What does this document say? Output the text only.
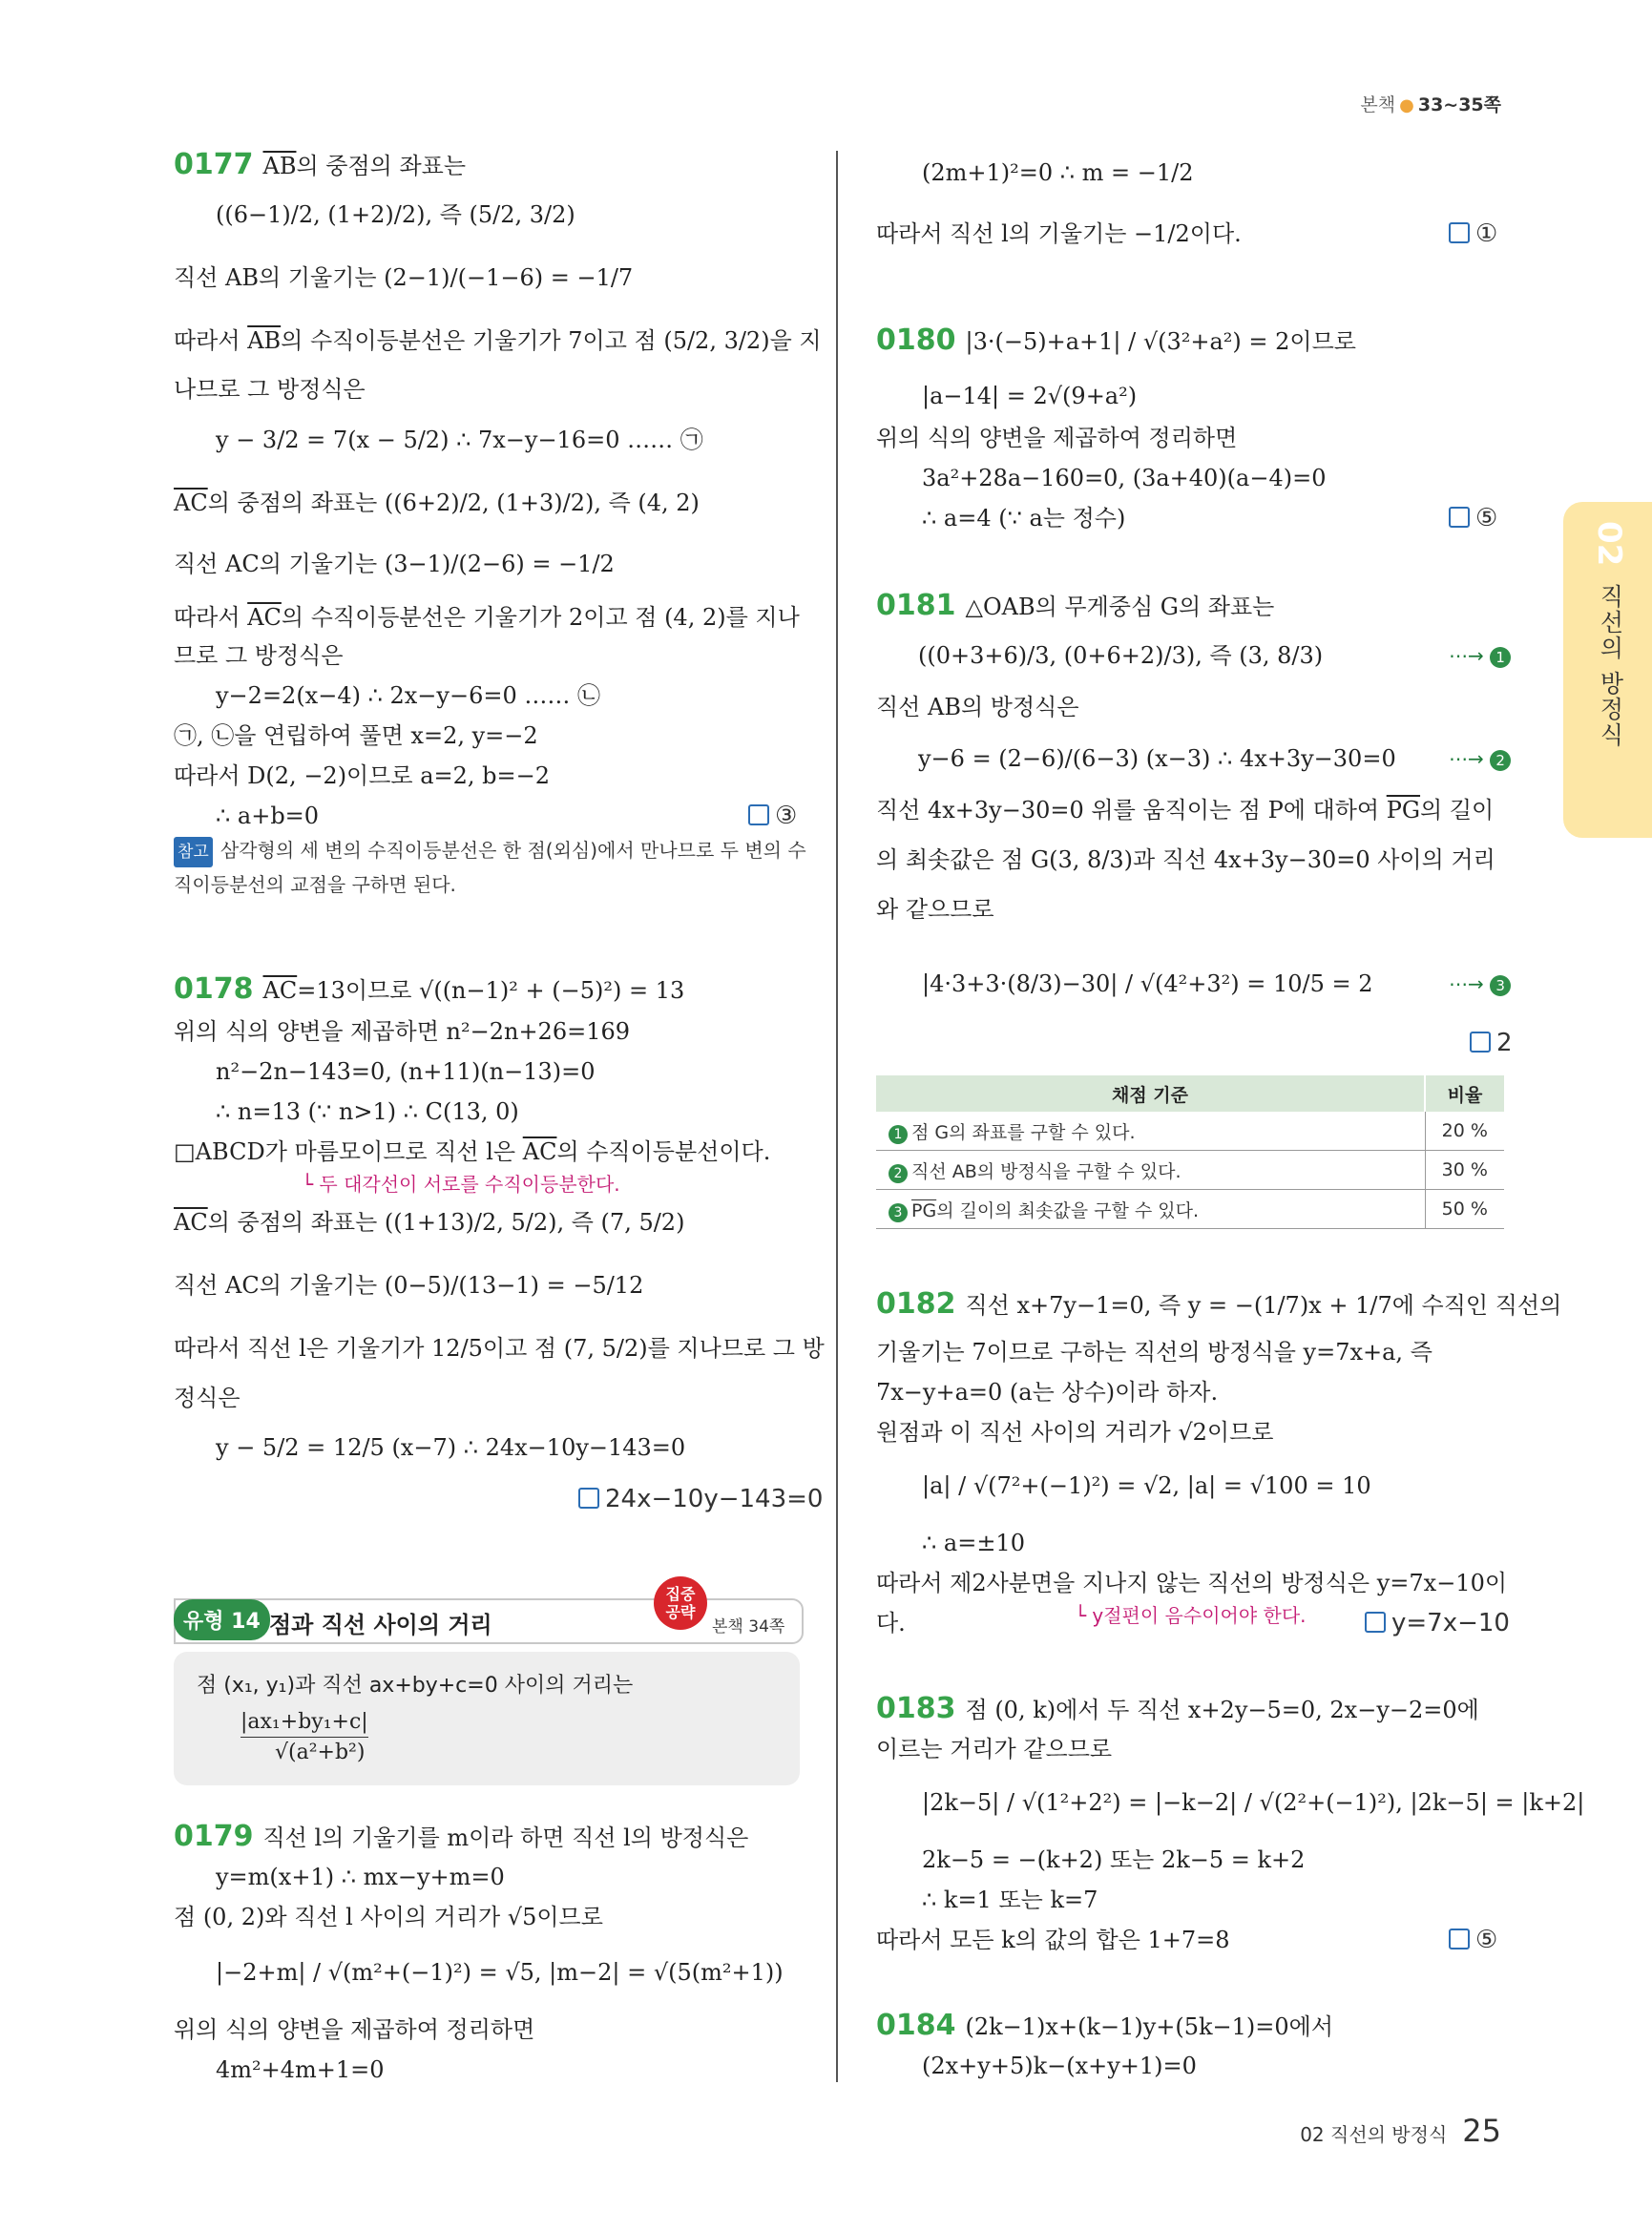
본책 ● 33~35쪽
02
직선의 방정식
0177 $\overline{AB}$의 중점의 좌표는
((6−1)/2, (1+2)/2), 즉 (5/2, 3/2)
직선 AB의 기울기는 (2−1)/(−1−6) = −1/7
따라서 $\overline{AB}$의 수직이등분선은 기울기가 7이고 점 (5/2, 3/2)을 지
나므로 그 방정식은
y − 3/2 = 7(x − 5/2) ∴ 7x−y−16=0 …… ㉠
$\overline{AC}$의 중점의 좌표는 ((6+2)/2, (1+3)/2), 즉 (4, 2)
직선 AC의 기울기는 (3−1)/(2−6) = −1/2
따라서 $\overline{AC}$의 수직이등분선은 기울기가 2이고 점 (4, 2)를 지나
므로 그 방정식은
y−2=2(x−4) ∴ 2x−y−6=0 …… ㉡
㉠, ㉡을 연립하여 풀면 x=2, y=−2
따라서 D(2, −2)이므로 a=2, b=−2
∴ a+b=0	③
참고 삼각형의 세 변의 수직이등분선은 한 점(외심)에서 만나므로 두 변의 수
직이등분선의 교점을 구하면 된다.
0178 $\overline{AC}=13$이므로 √((n−1)² + (−5)²) = 13
위의 식의 양변을 제곱하면 n²−2n+26=169
n²−2n−143=0, (n+11)(n−13)=0
∴ n=13 (∵ n>1) ∴ C(13, 0)
□ABCD가 마름모이므로 직선 l은 $\overline{AC}$의 수직이등분선이다.
└ 두 대각선이 서로를 수직이등분한다.
$\overline{AC}$의 중점의 좌표는 ((1+13)/2, 5/2), 즉 (7, 5/2)
직선 AC의 기울기는 (0−5)/(13−1) = −5/12
따라서 직선 l은 기울기가 12/5이고 점 (7, 5/2)를 지나므로 그 방
정식은
y − 5/2 = 12/5 (x−7) ∴ 24x−10y−143=0
24x−10y−143=0
유형 14 점과 직선 사이의 거리
집중
공략
본책 34쪽
점 (x₁, y₁)과 직선 ax+by+c=0 사이의 거리는
|ax₁+by₁+c|
√(a²+b²)
0179 직선 l의 기울기를 m이라 하면 직선 l의 방정식은
y=m(x+1) ∴ mx−y+m=0
점 (0, 2)와 직선 l 사이의 거리가 √5이므로
|−2+m| / √(m²+(−1)²) = √5, |m−2| = √(5(m²+1))
위의 식의 양변을 제곱하여 정리하면
4m²+4m+1=0
(2m+1)²=0 ∴ m = −1/2
따라서 직선 l의 기울기는 −1/2이다.	①
0180 |3·(−5)+a+1| / √(3²+a²) = 2이므로
|a−14| = 2√(9+a²)
위의 식의 양변을 제곱하여 정리하면
3a²+28a−160=0, (3a+40)(a−4)=0
∴ a=4 (∵ a는 정수)	⑤
0181 △OAB의 무게중심 G의 좌표는
((0+3+6)/3, (0+6+2)/3), 즉 (3, 8/3)	⋯→ 1
직선 AB의 방정식은
y−6 = (2−6)/(6−3) (x−3) ∴ 4x+3y−30=0	⋯→ 2
직선 4x+3y−30=0 위를 움직이는 점 P에 대하여 $\overline{PG}$의 길이
의 최솟값은 점 G(3, 8/3)과 직선 4x+3y−30=0 사이의 거리
와 같으므로
|4·3+3·(8/3)−30| / √(4²+3²) = 10/5 = 2	⋯→ 3
2
채점 기준	비율
1 점 G의 좌표를 구할 수 있다.	20 %
2 직선 AB의 방정식을 구할 수 있다.	30 %
3 $\overline{PG}$의 길이의 최솟값을 구할 수 있다.	50 %
0182 직선 x+7y−1=0, 즉 y = −(1/7)x + 1/7에 수직인 직선의
기울기는 7이므로 구하는 직선의 방정식을 y=7x+a, 즉
7x−y+a=0 (a는 상수)이라 하자.
원점과 이 직선 사이의 거리가 √2이므로
|a| / √(7²+(−1)²) = √2, |a| = √100 = 10
∴ a=±10
따라서 제2사분면을 지나지 않는 직선의 방정식은 y=7x−10이
다.	└ y절편이 음수이어야 한다.	y=7x−10
0183 점 (0, k)에서 두 직선 x+2y−5=0, 2x−y−2=0에
이르는 거리가 같으므로
|2k−5| / √(1²+2²) = |−k−2| / √(2²+(−1)²), |2k−5| = |k+2|
2k−5 = −(k+2) 또는 2k−5 = k+2
∴ k=1 또는 k=7
따라서 모든 k의 값의 합은 1+7=8	⑤
0184 (2k−1)x+(k−1)y+(5k−1)=0에서
(2x+y+5)k−(x+y+1)=0
02 직선의 방정식 25
